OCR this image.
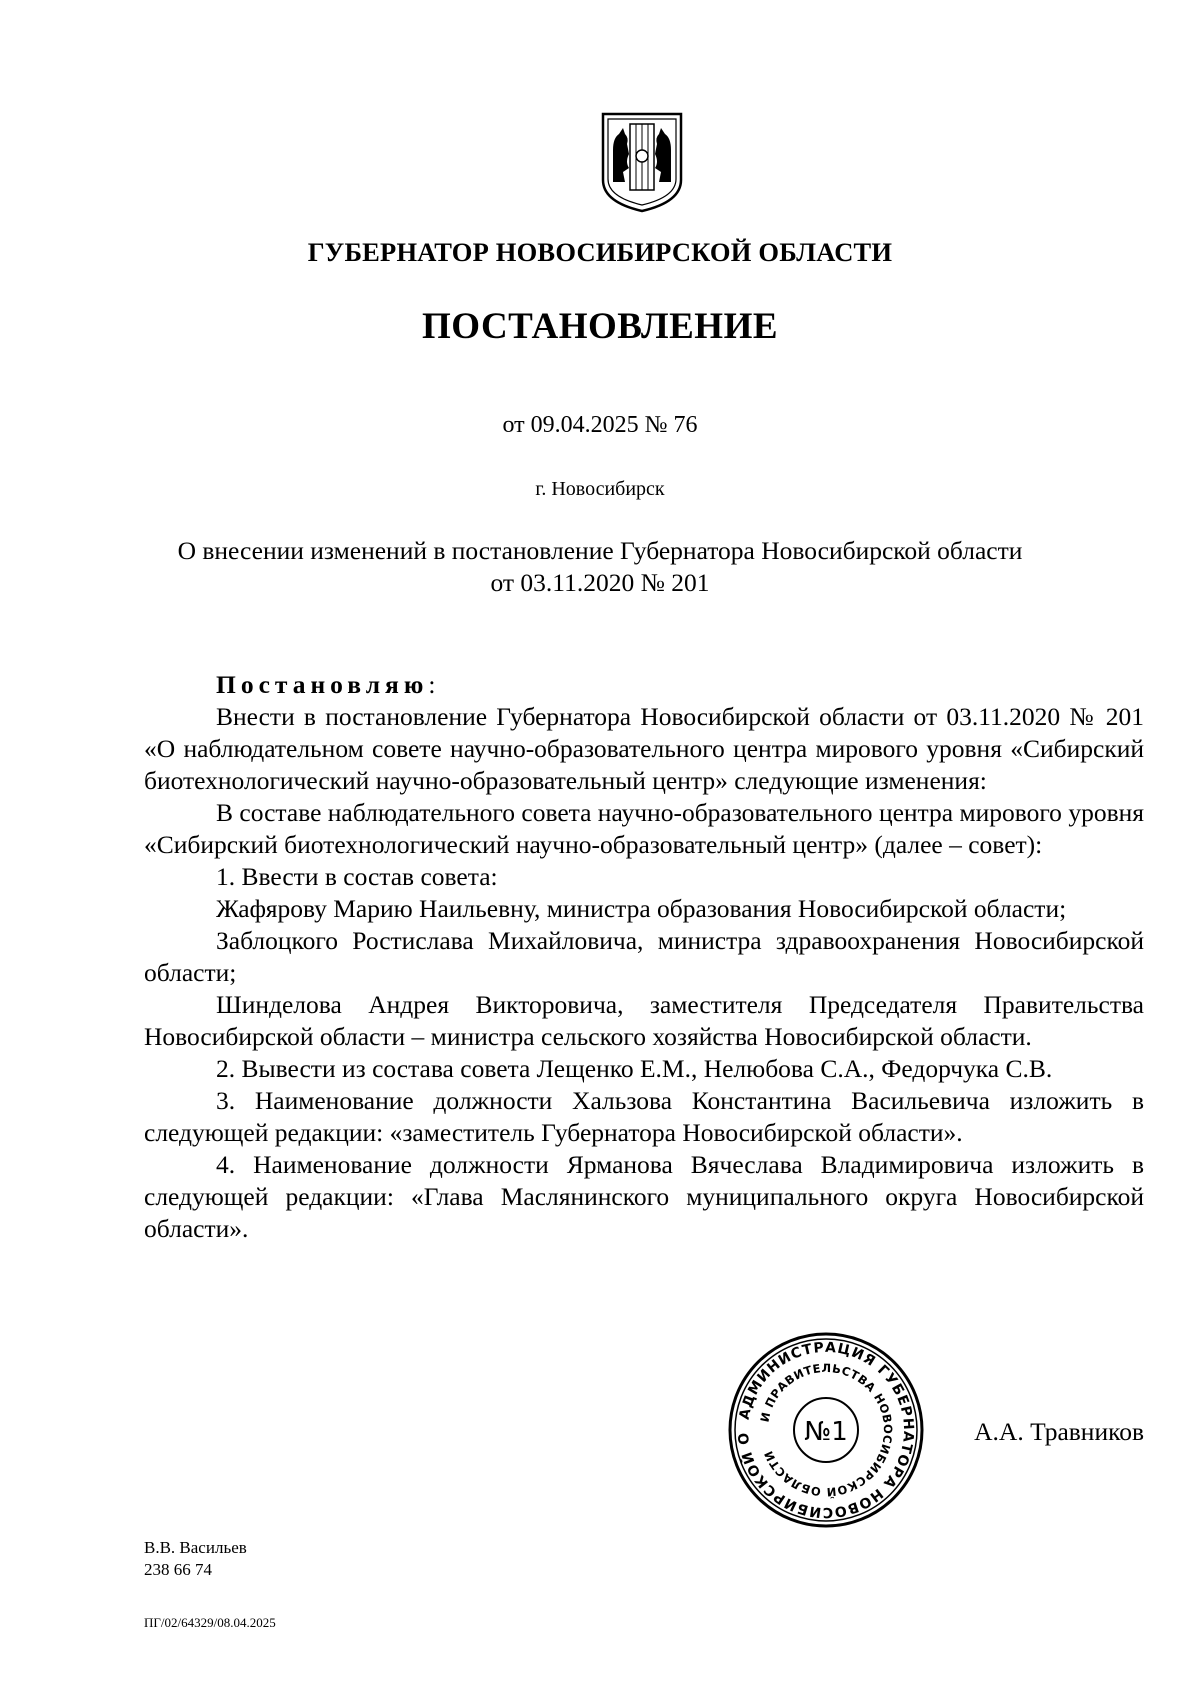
ГУБЕРНАТОР НОВОСИБИРСКОЙ ОБЛАСТИ
ПОСТАНОВЛЕНИЕ
от 09.04.2025 № 76
г. Новосибирск
О внесении изменений в постановление Губернатора Новосибирской области
от 03.11.2020 № 201

Постановляю:

Внести в постановление Губернатора Новосибирской области от 03.11.2020 № 201 «О наблюдательном совете научно-образовательного центра мирового уровня «Сибирский биотехнологический научно-образовательный центр» следующие изменения:

В составе наблюдательного совета научно-образовательного центра мирового уровня «Сибирский биотехнологический научно-образовательный центр» (далее – совет):

1. Ввести в состав совета:

Жафярову Марию Наильевну, министра образования Новосибирской области;

Заблоцкого Ростислава Михайловича, министра здравоохранения Новосибирской области;

Шинделова Андрея Викторовича, заместителя Председателя Правительства Новосибирской области – министра сельского хозяйства Новосибирской области.

2. Вывести из состава совета Лещенко Е.М., Нелюбова С.А., Федорчука С.В.

3. Наименование должности Хальзова Константина Васильевича изложить в следующей редакции: «заместитель Губернатора Новосибирской области».

4. Наименование должности Ярманова Вячеслава Владимировича изложить в следующей редакции: «Глава Маслянинского муниципального округа Новосибирской области».

АДМИНИСТРАЦИЯ ГУБЕРНАТОРА НОВОСИБИРСКОЙ О
И ПРАВИТЕЛЬСТВА НОВОСИБИРСКОЙ ОБЛАСТИ
№1	А.А. Травников
В.В. Васильев
238 66 74
ПГ/02/64329/08.04.2025
